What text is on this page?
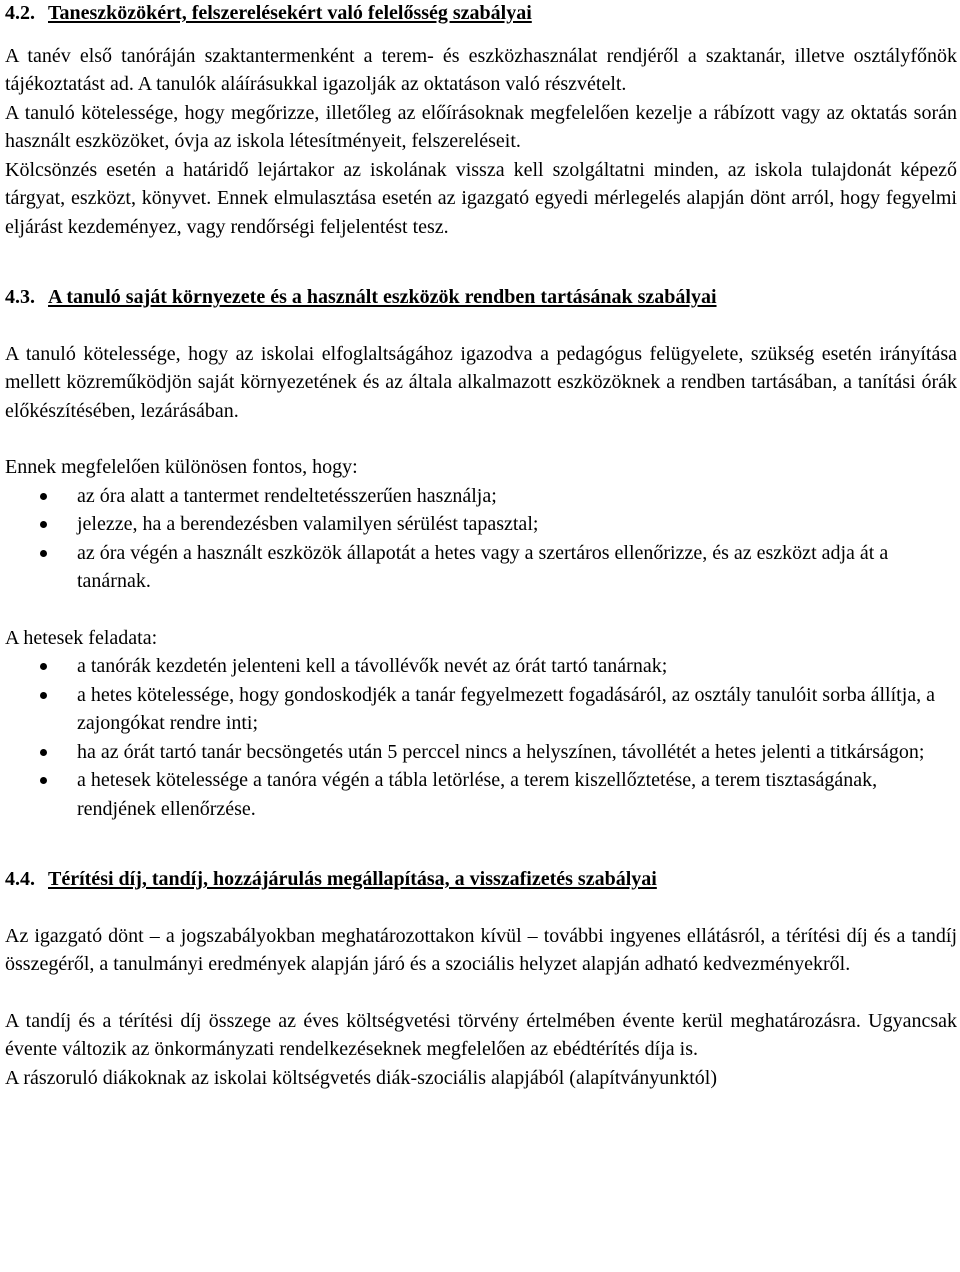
4.2. Taneszközökért, felszerelésekért való felelősség szabályai

A tanév első tanóráján szaktantermenként a terem- és eszközhasználat rendjéről a szaktanár, illetve osztályfőnök tájékoztatást ad. A tanulók aláírásukkal igazolják az oktatáson való részvételt.

A tanuló kötelessége, hogy megőrizze, illetőleg az előírásoknak megfelelően kezelje a rábízott vagy az oktatás során használt eszközöket, óvja az iskola létesítményeit, felszereléseit.

Kölcsönzés esetén a határidő lejártakor az iskolának vissza kell szolgáltatni minden, az iskola tulajdonát képező tárgyat, eszközt, könyvet. Ennek elmulasztása esetén az igazgató egyedi mérlegelés alapján dönt arról, hogy fegyelmi eljárást kezdeményez, vagy rendőrségi feljelentést tesz.

4.3. A tanuló saját környezete és a használt eszközök rendben tartásának szabályai

A tanuló kötelessége, hogy az iskolai elfoglaltságához igazodva a pedagógus felügyelete, szükség esetén irányítása mellett közreműködjön saját környezetének és az általa alkalmazott eszközöknek a rendben tartásában, a tanítási órák előkészítésében, lezárásában.

Ennek megfelelően különösen fontos, hogy:

az óra alatt a tantermet rendeltetésszerűen használja;
jelezze, ha a berendezésben valamilyen sérülést tapasztal;
az óra végén a használt eszközök állapotát a hetes vagy a szertáros ellenőrizze, és az eszközt adja át a tanárnak.

A hetesek feladata:

a tanórák kezdetén jelenteni kell a távollévők nevét az órát tartó tanárnak;
a hetes kötelessége, hogy gondoskodjék a tanár fegyelmezett fogadásáról, az osztály tanulóit sorba állítja, a zajongókat rendre inti;
ha az órát tartó tanár becsöngetés után 5 perccel nincs a helyszínen, távollétét a hetes jelenti a titkárságon;
a hetesek kötelessége a tanóra végén a tábla letörlése, a terem kiszellőztetése, a terem tisztaságának, rendjének ellenőrzése.
4.4. Térítési díj, tandíj, hozzájárulás megállapítása, a visszafizetés szabályai

Az igazgató dönt – a jogszabályokban meghatározottakon kívül – további ingyenes ellátásról, a térítési díj és a tandíj összegéről, a tanulmányi eredmények alapján járó és a szociális helyzet alapján adható kedvezményekről.

A tandíj és a térítési díj összege az éves költségvetési törvény értelmében évente kerül meghatározásra. Ugyancsak évente változik az önkormányzati rendelkezéseknek megfelelően az ebédtérítés díja is.

A rászoruló diákoknak az iskolai költségvetés diák-szociális alapjából (alapítványunktól)
